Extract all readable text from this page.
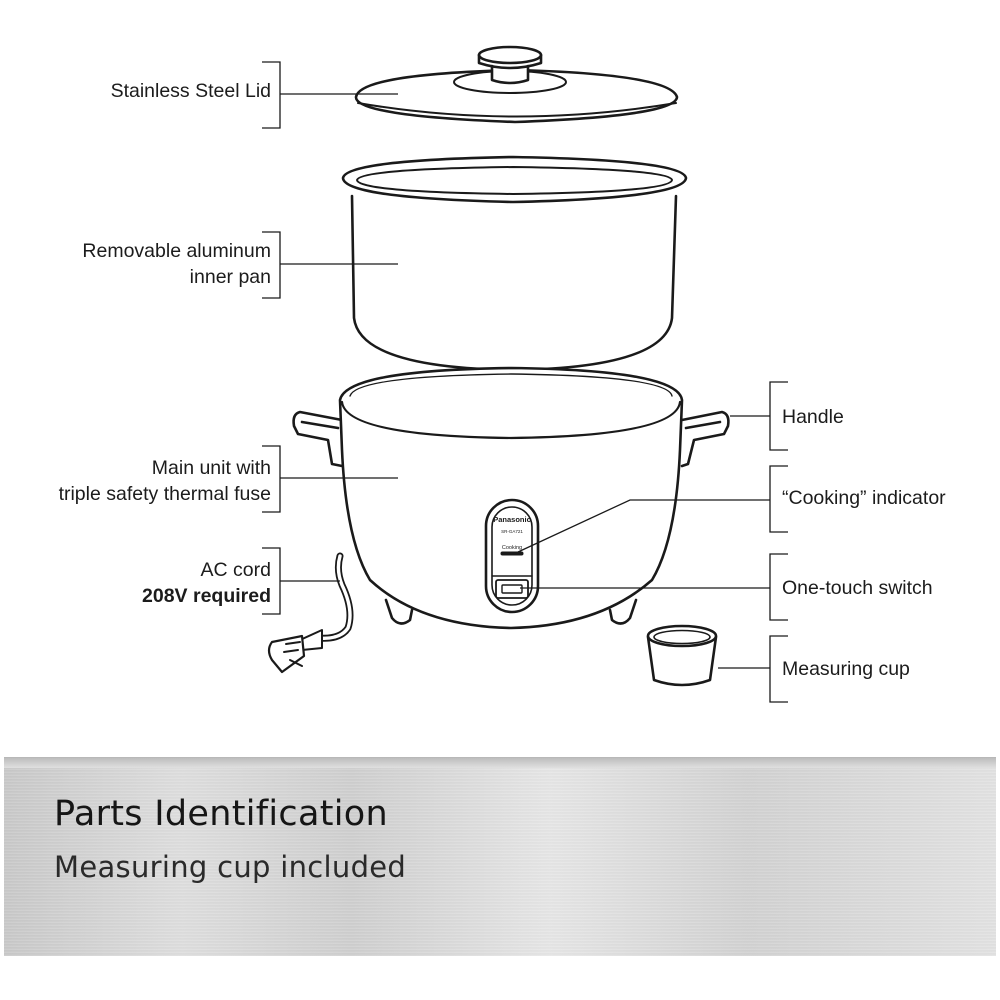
Panasonic
SR-GA721
Cooking
Stainless Steel Lid
Removable aluminum
inner pan
Main unit with
triple safety thermal fuse
AC cord
208V required
Handle
“Cooking” indicator
One-touch switch
Measuring cup
Parts Identification
Measuring cup included
